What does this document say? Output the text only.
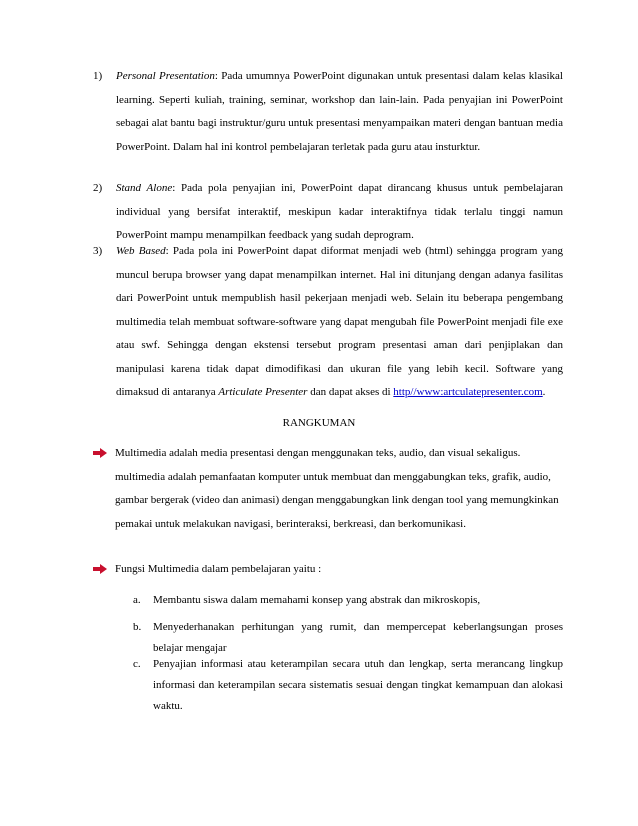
1)	Personal Presentation: Pada umumnya PowerPoint digunakan untuk presentasi dalam kelas klasikal learning. Seperti kuliah, training, seminar, workshop dan lain-lain. Pada penyajian ini PowerPoint sebagai alat bantu bagi instruktur/guru untuk presentasi menyampaikan materi dengan bantuan media PowerPoint. Dalam hal ini kontrol pembelajaran terletak pada guru atau insturktur.
2)	Stand Alone: Pada pola penyajian ini, PowerPoint dapat dirancang khusus untuk pembelajaran individual yang bersifat interaktif, meskipun kadar interaktifnya tidak terlalu tinggi namun PowerPoint mampu menampilkan feedback yang sudah deprogram.
3)	Web Based: Pada pola ini PowerPoint dapat diformat menjadi web (html) sehingga program yang muncul berupa browser yang dapat menampilkan internet. Hal ini ditunjang dengan adanya fasilitas dari PowerPoint untuk mempublish hasil pekerjaan menjadi web. Selain itu beberapa pengembang multimedia telah membuat software-software yang dapat mengubah file PowerPoint menjadi file exe atau swf. Sehingga dengan ekstensi tersebut program presentasi aman dari penjiplakan dan manipulasi karena tidak dapat dimodifikasi dan ukuran file yang lebih kecil. Software yang dimaksud di antaranya Articulate Presenter dan dapat akses di http//www:artculatepresenter.com.
RANGKUMAN
Multimedia adalah media presentasi dengan menggunakan teks, audio, dan visual sekaligus. multimedia adalah pemanfaatan komputer untuk membuat dan menggabungkan teks, grafik, audio, gambar bergerak (video dan animasi) dengan menggabungkan link dengan tool yang memungkinkan pemakai untuk melakukan navigasi, berinteraksi, berkreasi, dan berkomunikasi.
Fungsi Multimedia dalam pembelajaran yaitu :
a.	Membantu siswa dalam memahami konsep yang abstrak dan mikroskopis,
b.	Menyederhanakan perhitungan yang rumit, dan mempercepat keberlangsungan proses belajar mengajar
c.	Penyajian informasi atau keterampilan secara utuh dan lengkap, serta merancang lingkup informasi dan keterampilan secara sistematis sesuai dengan tingkat kemampuan dan alokasi waktu.
